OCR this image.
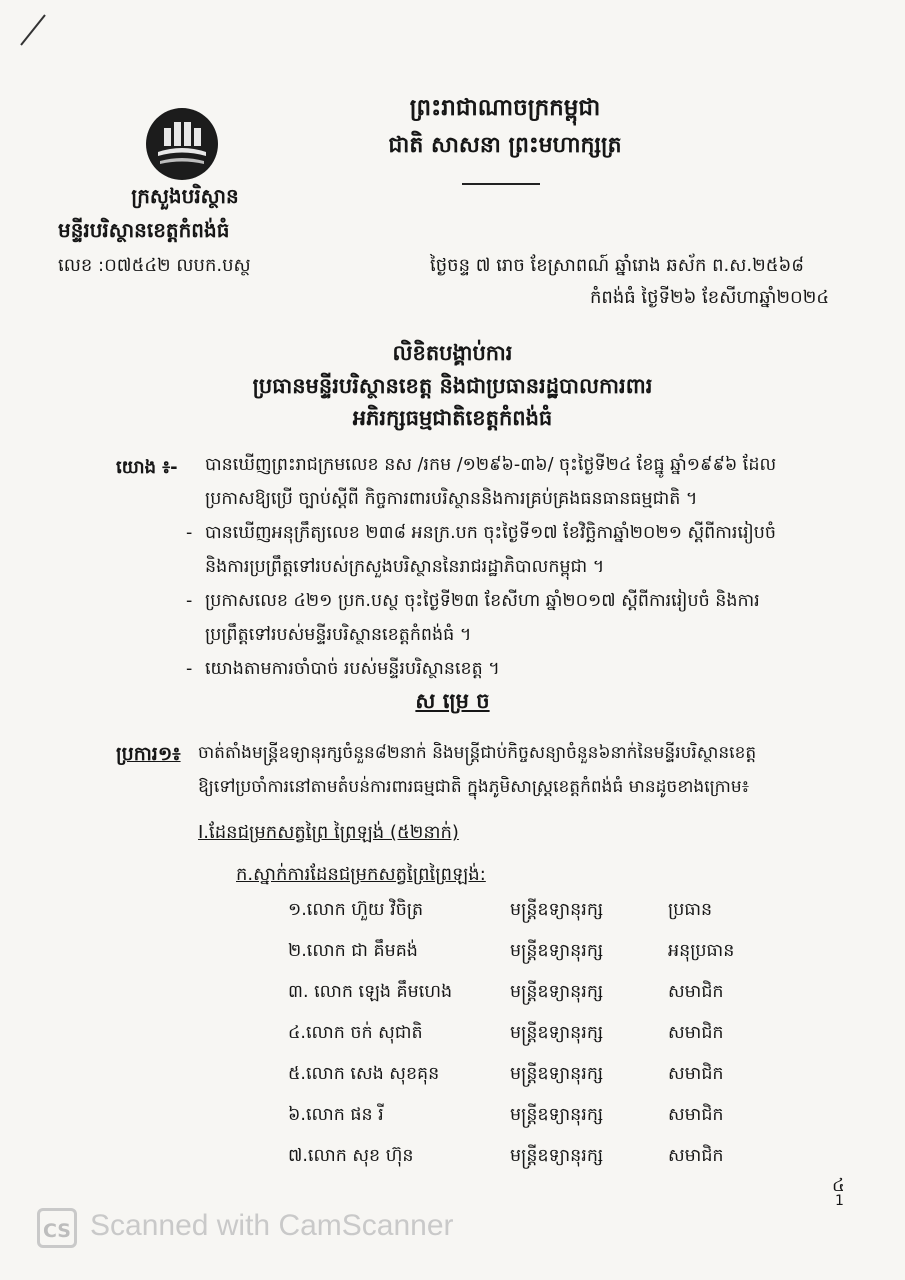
ព្រះរាជាណាចក្រកម្ពុជា
ជាតិ សាសនា ព្រះមហាក្សត្រ
ក្រសួងបរិស្ថាន
មន្ទីរបរិស្ថានខេត្តកំពង់ធំ
លេខ :០៧៥៤២ លបក.បស្ថ	ថ្ងៃចន្ទ ៧ រោច ខែស្រាពណ៍ ឆ្នាំរោង ឆស័ក ព.ស.២៥៦៨
កំពង់ធំ ថ្ងៃទី២៦ ខែសីហាឆ្នាំ២០២៤
លិខិតបង្គាប់ការ
ប្រធានមន្ទីរបរិស្ថានខេត្ត និងជាប្រធានរដ្ឋបាលការពារ
អភិរក្សធម្មជាតិខេត្តកំពង់ធំ
យោង ៖- បានឃើញព្រះរាជក្រមលេខ នស /រកម /១២៩៦-៣៦/ ចុះថ្ងៃទី២៤ ខែធ្នូ ឆ្នាំ១៩៩៦ ដែល
ប្រកាសឱ្យប្រើ ច្បាប់ស្តីពី កិច្ចការពារបរិស្ថាននិងការគ្រប់គ្រងធនធានធម្មជាតិ ។
- បានឃើញអនុក្រឹត្យលេខ ២៣៨ អនក្រ.បក ចុះថ្ងៃទី១៧ ខែវិច្ឆិកាឆ្នាំ២០២១ ស្តីពីការរៀបចំ
និងការប្រព្រឹត្តទៅរបស់ក្រសួងបរិស្ថាននៃរាជរដ្ឋាភិបាលកម្ពុជា ។
- ប្រកាសលេខ ៤២១ ប្រក.បស្ថ ចុះថ្ងៃទី២៣ ខែសីហា ឆ្នាំ២០១៧ ស្តីពីការរៀបចំ និងការ
ប្រព្រឹត្តទៅរបស់មន្ទីរបរិស្ថានខេត្តកំពង់ធំ ។
- យោងតាមការចាំបាច់ របស់មន្ទីរបរិស្ថានខេត្ត ។
ស ម្រេ ច
ប្រការ១៖ ចាត់តាំងមន្ត្រីឧទ្យានុរក្សចំនួន៨២នាក់ និងមន្ត្រីជាប់កិច្ចសន្យាចំនួន៦នាក់នៃមន្ទីរបរិស្ថានខេត្ត
ឱ្យទៅប្រចាំការនៅតាមតំបន់ការពារធម្មជាតិ ក្នុងភូមិសាស្ត្រខេត្តកំពង់ធំ មានដូចខាងក្រោម៖
I.ដែនជម្រកសត្វព្រៃ ព្រៃឡង់ (៥២នាក់)
ក.ស្នាក់ការដែនជម្រកសត្វព្រៃព្រៃឡង់:
១.លោក ហ៊ួយ វិចិត្រ	មន្ត្រីឧទ្យានុរក្ស	ប្រធាន
២.លោក ជា គឹមគង់	មន្ត្រីឧទ្យានុរក្ស	អនុប្រធាន
៣. លោក ឡេង គឹមហេង	មន្ត្រីឧទ្យានុរក្ស	សមាជិក
៤.លោក ចក់ សុជាតិ	មន្ត្រីឧទ្យានុរក្ស	សមាជិក
៥.លោក សេង សុខគុន	មន្ត្រីឧទ្យានុរក្ស	សមាជិក
៦.លោក ផន រី	មន្ត្រីឧទ្យានុរក្ស	សមាជិក
៧.លោក សុខ ហ៊ុន	មន្ត្រីឧទ្យានុរក្ស	សមាជិក
៤
1
CS Scanned with CamScanner
